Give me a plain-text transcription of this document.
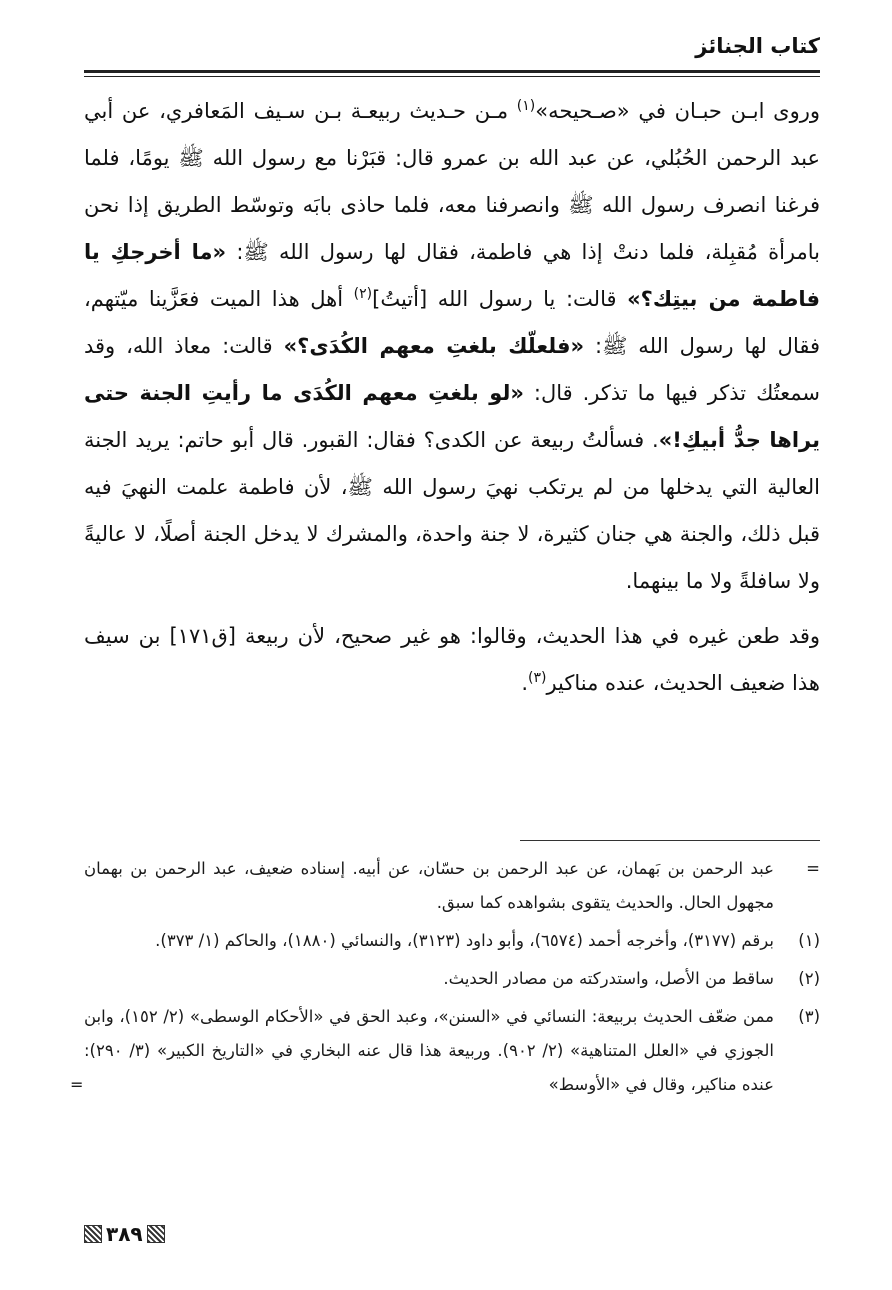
كتاب الجنائز

وروى ابـن حبـان في «صـحيحه»$^{(١)}$ مـن حـديث ربيعـة بـن سـيف المَعافري، عن أبي عبد الرحمن الحُبُلي، عن عبد الله بن عمرو قال: قبَرْنا مع رسول الله ﷺ يومًا، فلما فرغنا انصرف رسول الله ﷺ وانصرفنا معه، فلما حاذى بابَه وتوسّط الطريق إذا نحن بامرأة مُقبِلة، فلما دنتْ إذا هي فاطمة، فقال لها رسول الله ﷺ: «ما أخرجكِ يا فاطمة من بيتِك؟» قالت: يا رسول الله [أتيتُ]$^{(٢)}$ أهل هذا الميت فعَزَّينا ميّتهم، فقال لها رسول الله ﷺ: «فلعلّك بلغتِ معهم الكُدَى؟» قالت: معاذ الله، وقد سمعتُك تذكر فيها ما تذكر. قال: «لو بلغتِ معهم الكُدَى ما رأيتِ الجنة حتى يراها جدُّ أبيكِ!». فسألتُ ربيعة عن الكدى؟ فقال: القبور. قال أبو حاتم: يريد الجنة العالية التي يدخلها من لم يرتكب نهيَ رسول الله ﷺ، لأن فاطمة علمت النهيَ فيه قبل ذلك، والجنة هي جنان كثيرة، لا جنة واحدة، والمشرك لا يدخل الجنة أصلًا، لا عاليةً ولا سافلةً ولا ما بينهما.

وقد طعن غيره في هذا الحديث، وقالوا: هو غير صحيح، لأن ربيعة [ق١٧١] بن سيف هذا ضعيف الحديث، عنده مناكير$^{(٣)}$.

=
عبد الرحمن بن بَهمان، عن عبد الرحمن بن حسّان، عن أبيه. إسناده ضعيف، عبد الرحمن بن بهمان مجهول الحال. والحديث يتقوى بشواهده كما سبق.
(١)
برقم (٣١٧٧)، وأخرجه أحمد (٦٥٧٤)، وأبو داود (٣١٢٣)، والنسائي (١٨٨٠)، والحاكم (١/ ٣٧٣).
(٢)
ساقط من الأصل، واستدركته من مصادر الحديث.
(٣)
ممن ضعّف الحديث بربيعة: النسائي في «السنن»، وعبد الحق في «الأحكام الوسطى» (٢/ ١٥٢)، وابن الجوزي في «العلل المتناهية» (٢/ ٩٠٢). وربيعة هذا قال عنه البخاري في «التاريخ الكبير» (٣/ ٢٩٠): عنده مناكير، وقال في «الأوسط»
=
٣٨٩
